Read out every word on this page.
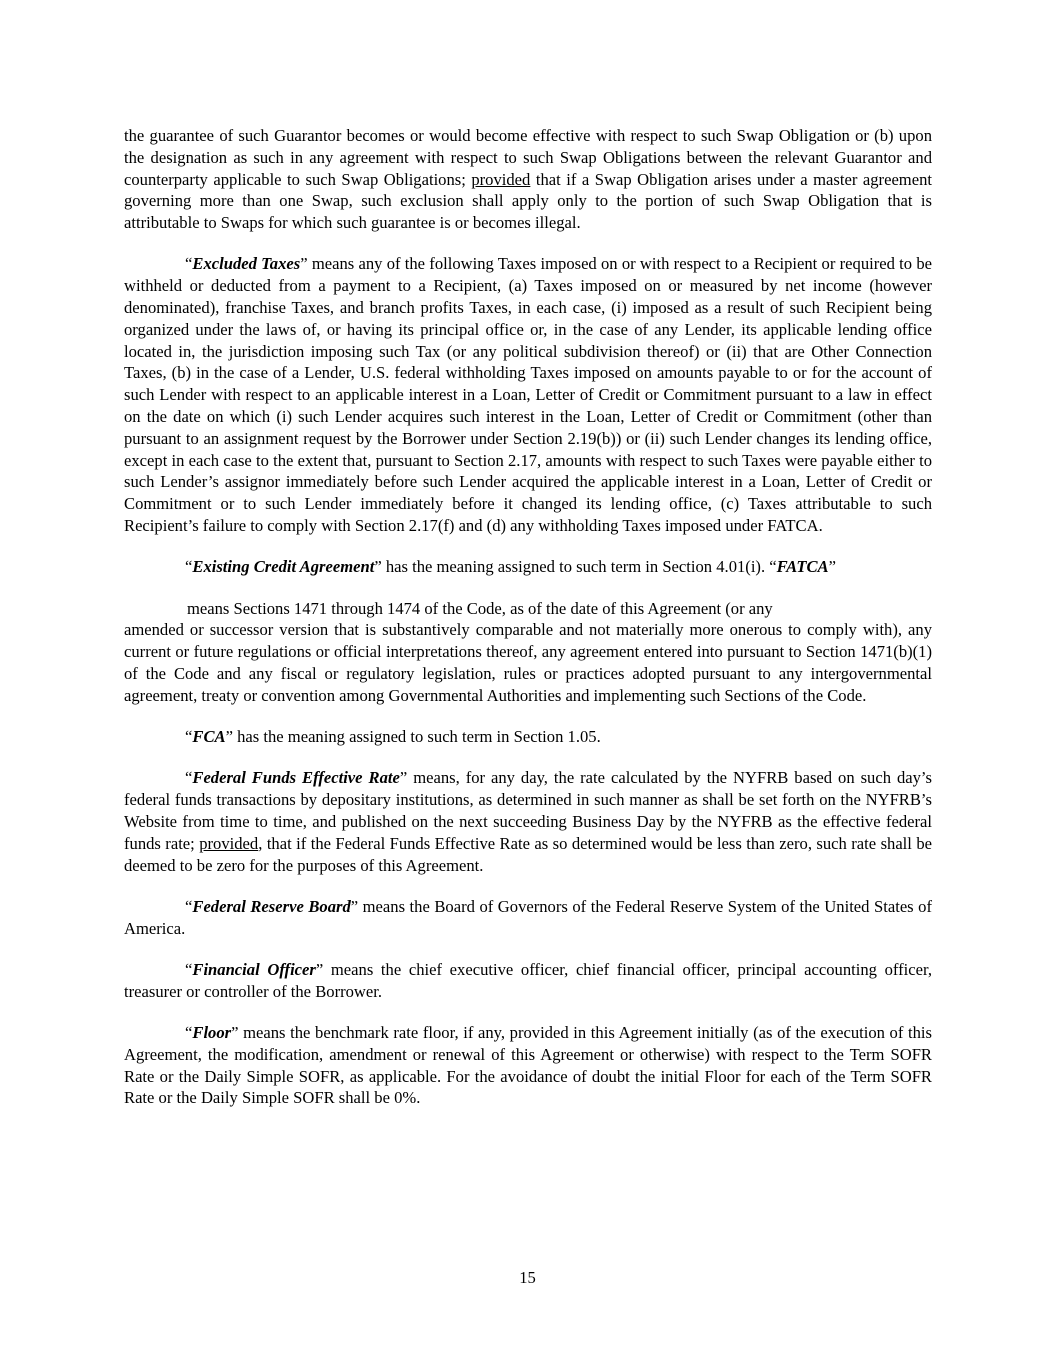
the guarantee of such Guarantor becomes or would become effective with respect to such Swap Obligation or (b) upon the designation as such in any agreement with respect to such Swap Obligations between the relevant Guarantor and counterparty applicable to such Swap Obligations; provided that if a Swap Obligation arises under a master agreement governing more than one Swap, such exclusion shall apply only to the portion of such Swap Obligation that is attributable to Swaps for which such guarantee is or becomes illegal.

“Excluded Taxes” means any of the following Taxes imposed on or with respect to a Recipient or required to be withheld or deducted from a payment to a Recipient, (a) Taxes imposed on or measured by net income (however denominated), franchise Taxes, and branch profits Taxes, in each case, (i) imposed as a result of such Recipient being organized under the laws of, or having its principal office or, in the case of any Lender, its applicable lending office located in, the jurisdiction imposing such Tax (or any political subdivision thereof) or (ii) that are Other Connection Taxes, (b) in the case of a Lender, U.S. federal withholding Taxes imposed on amounts payable to or for the account of such Lender with respect to an applicable interest in a Loan, Letter of Credit or Commitment pursuant to a law in effect on the date on which (i) such Lender acquires such interest in the Loan, Letter of Credit or Commitment (other than pursuant to an assignment request by the Borrower under Section 2.19(b)) or (ii) such Lender changes its lending office, except in each case to the extent that, pursuant to Section 2.17, amounts with respect to such Taxes were payable either to such Lender’s assignor immediately before such Lender acquired the applicable interest in a Loan, Letter of Credit or Commitment or to such Lender immediately before it changed its lending office, (c) Taxes attributable to such Recipient’s failure to comply with Section 2.17(f) and (d) any withholding Taxes imposed under FATCA.

“Existing Credit Agreement” has the meaning assigned to such term in Section 4.01(i). “FATCA”

means Sections 1471 through 1474 of the Code, as of the date of this Agreement (or any
amended or successor version that is substantively comparable and not materially more onerous to comply with), any current or future regulations or official interpretations thereof, any agreement entered into pursuant to Section 1471(b)(1) of the Code and any fiscal or regulatory legislation, rules or practices adopted pursuant to any intergovernmental agreement, treaty or convention among Governmental Authorities and implementing such Sections of the Code.

“FCA” has the meaning assigned to such term in Section 1.05.

“Federal Funds Effective Rate” means, for any day, the rate calculated by the NYFRB based on such day’s federal funds transactions by depositary institutions, as determined in such manner as shall be set forth on the NYFRB’s Website from time to time, and published on the next succeeding Business Day by the NYFRB as the effective federal funds rate; provided, that if the Federal Funds Effective Rate as so determined would be less than zero, such rate shall be deemed to be zero for the purposes of this Agreement.

“Federal Reserve Board” means the Board of Governors of the Federal Reserve System of the United States of America.

“Financial Officer” means the chief executive officer, chief financial officer, principal accounting officer, treasurer or controller of the Borrower.

“Floor” means the benchmark rate floor, if any, provided in this Agreement initially (as of the execution of this Agreement, the modification, amendment or renewal of this Agreement or otherwise) with respect to the Term SOFR Rate or the Daily Simple SOFR, as applicable. For the avoidance of doubt the initial Floor for each of the Term SOFR Rate or the Daily Simple SOFR shall be 0%.

15
